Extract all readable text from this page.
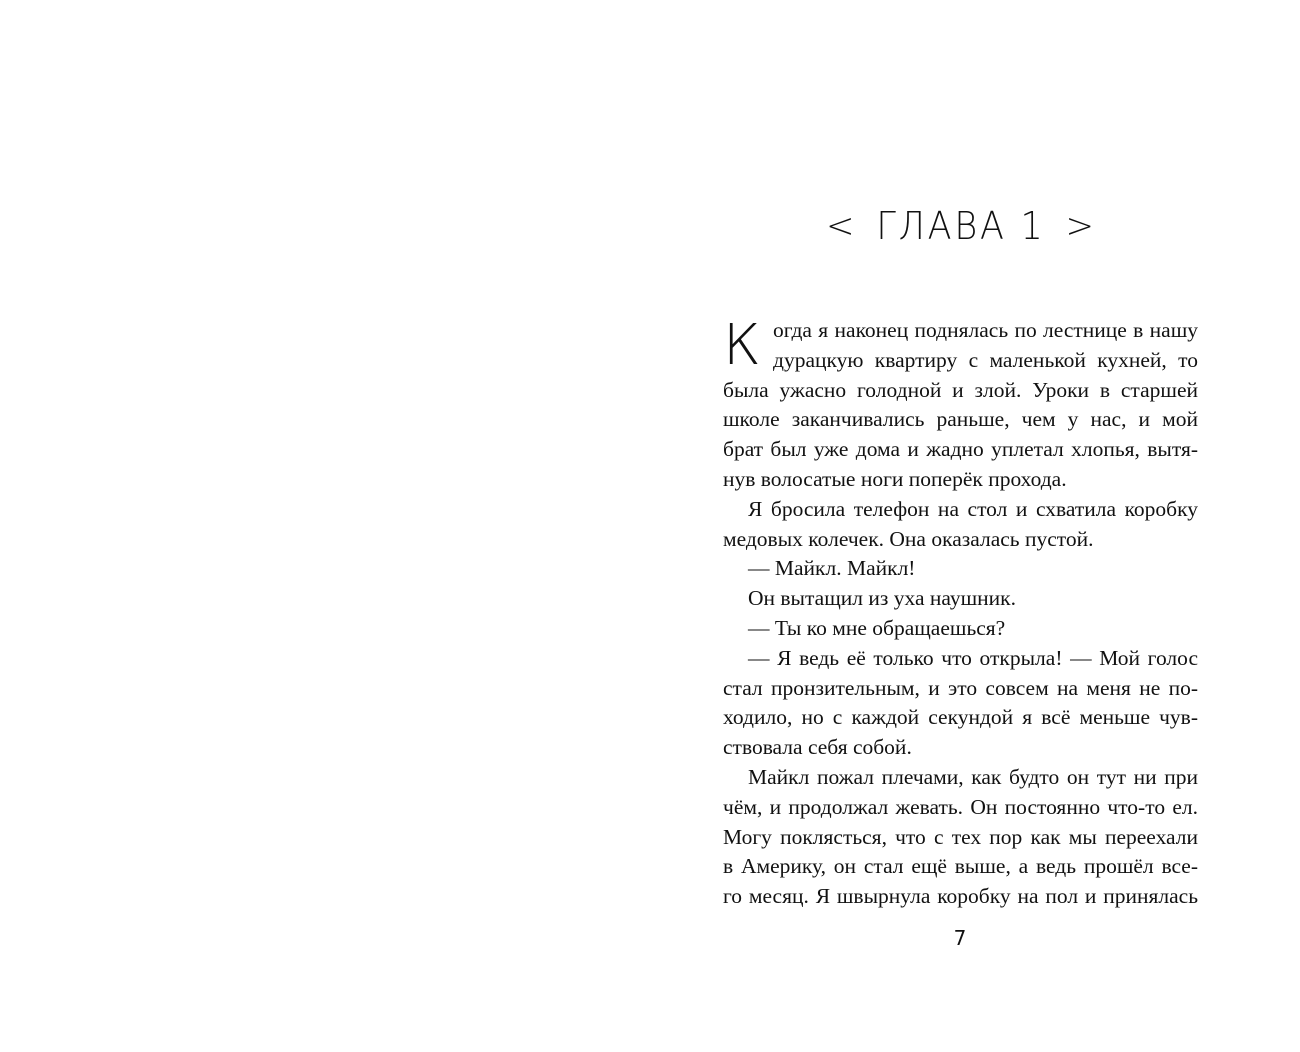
< ГЛАВА 1 >
К огда я наконец поднялась по лестнице в нашу
дурацкую квартиру с маленькой кухней, то
была ужасно голодной и злой. Уроки в старшей
школе заканчивались раньше, чем у нас, и мой
брат был уже дома и жадно уплетал хлопья, вытя-
нув волосатые ноги поперёк прохода.
Я бросила телефон на стол и схватила коробку
медовых колечек. Она оказалась пустой.
— Майкл. Майкл!
Он вытащил из уха наушник.
— Ты ко мне обращаешься?
— Я ведь её только что открыла! — Мой голос
стал пронзительным, и это совсем на меня не по-
ходило, но с каждой секундой я всё меньше чув-
ствовала себя собой.
Майкл пожал плечами, как будто он тут ни при
чём, и продолжал жевать. Он постоянно что-то ел.
Могу поклясться, что с тех пор как мы переехали
в Америку, он стал ещё выше, а ведь прошёл все-
го месяц. Я швырнула коробку на пол и принялась
7
